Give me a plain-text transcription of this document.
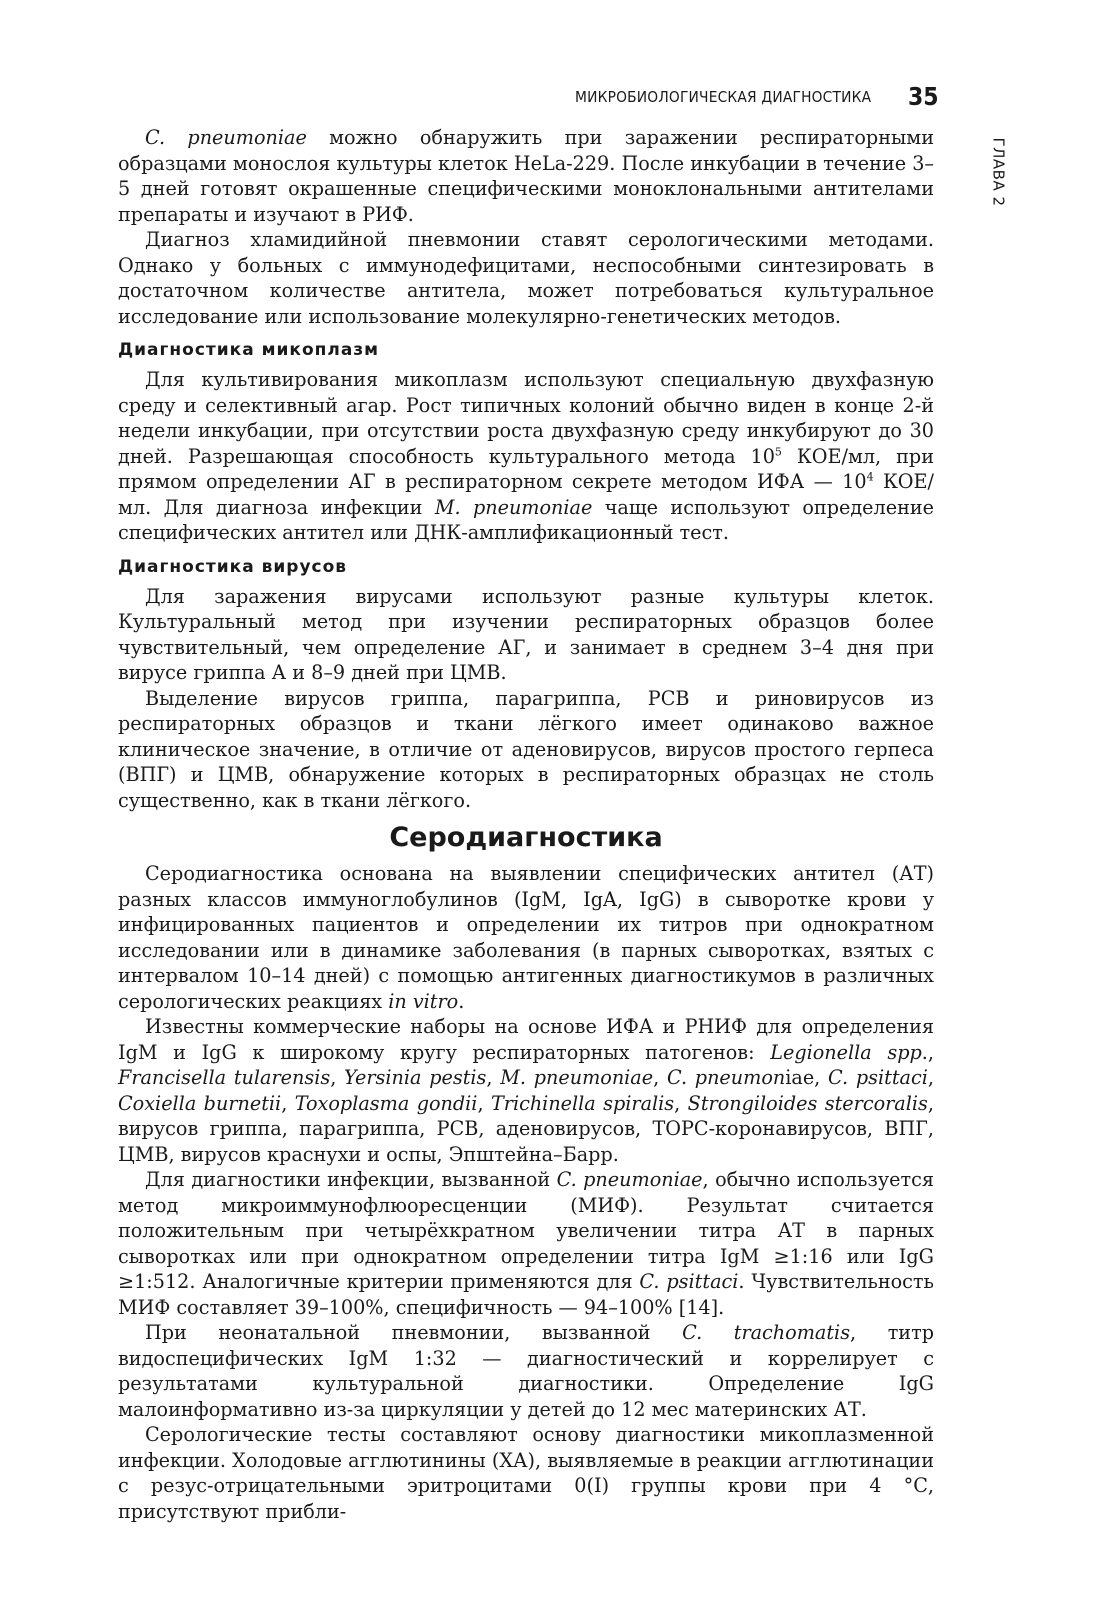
МИКРОБИОЛОГИЧЕСКАЯ ДИАГНОСТИКА 35
ГЛАВА 2

C. pneumoniae можно обнаружить при заражении респираторными образцами монослоя культуры клеток HeLa-229. После инкубации в течение 3–5 дней готовят окрашенные специфическими моноклональными антителами препараты и изучают в РИФ.

Диагноз хламидийной пневмонии ставят серологическими методами. Однако у больных с иммунодефицитами, неспособными синтезировать в достаточном количестве антитела, может потребоваться культуральное исследование или использование молекулярно-генетических методов.

Диагностика микоплазм

Для культивирования микоплазм используют специальную двухфазную среду и селективный агар. Рост типичных колоний обычно виден в конце 2-й недели инкубации, при отсутствии роста двухфазную среду инкубируют до 30 дней. Разрешающая способность культурального метода $10^5$ КОЕ/мл, при прямом определении АГ в респираторном секрете методом ИФА — $10^4$ КОЕ/мл. Для диагноза инфекции M. pneumoniae чаще используют определение специфических антител или ДНК-амплификационный тест.

Диагностика вирусов

Для заражения вирусами используют разные культуры клеток. Культуральный метод при изучении респираторных образцов более чувствительный, чем определение АГ, и занимает в среднем 3–4 дня при вирусе гриппа А и 8–9 дней при ЦМВ.

Выделение вирусов гриппа, парагриппа, РСВ и риновирусов из респираторных образцов и ткани лёгкого имеет одинаково важное клиническое значение, в отличие от аденовирусов, вирусов простого герпеса (ВПГ) и ЦМВ, обнаружение которых в респираторных образцах не столь существенно, как в ткани лёгкого.

Серодиагностика

Серодиагностика основана на выявлении специфических антител (АТ) разных классов иммуноглобулинов (IgM, IgA, IgG) в сыворотке крови у инфицированных пациентов и определении их титров при однократном исследовании или в динамике заболевания (в парных сыворотках, взятых с интервалом 10–14 дней) с помощью антигенных диагностикумов в различных серологических реакциях in vitro.

Известны коммерческие наборы на основе ИФА и РНИФ для определения IgM и IgG к широкому кругу респираторных патогенов: Legionella spp., Francisella tularensis, Yersinia pestis, M. pneumoniae, C. pneumoniae, C. psittaci, Coxiella burnetii, Toxoplasma gondii, Trichinella spiralis, Strongiloides stercoralis, вирусов гриппа, парагриппа, РСВ, аденовирусов, ТОРС-коронавирусов, ВПГ, ЦМВ, вирусов краснухи и оспы, Эпштейна–Барр.

Для диагностики инфекции, вызванной C. pneumoniae, обычно используется метод микроиммунофлюоресценции (МИФ). Результат считается положительным при четырёхкратном увеличении титра АТ в парных сыворотках или при однократном определении титра IgM ≥1:16 или IgG ≥1:512. Аналогичные критерии применяются для C. psittaci. Чувствительность МИФ составляет 39–100%, специфичность — 94–100% [14].

При неонатальной пневмонии, вызванной C. trachomatis, титр видоспецифических IgM 1:32 — диагностический и коррелирует с результатами культуральной диагностики. Определение IgG малоинформативно из-за циркуляции у детей до 12 мес материнских АТ.

Серологические тесты составляют основу диагностики микоплазменной инфекции. Холодовые агглютинины (ХА), выявляемые в реакции агглютинации с резус-отрицательными эритроцитами 0(I) группы крови при 4 °С, присутствуют прибли-
